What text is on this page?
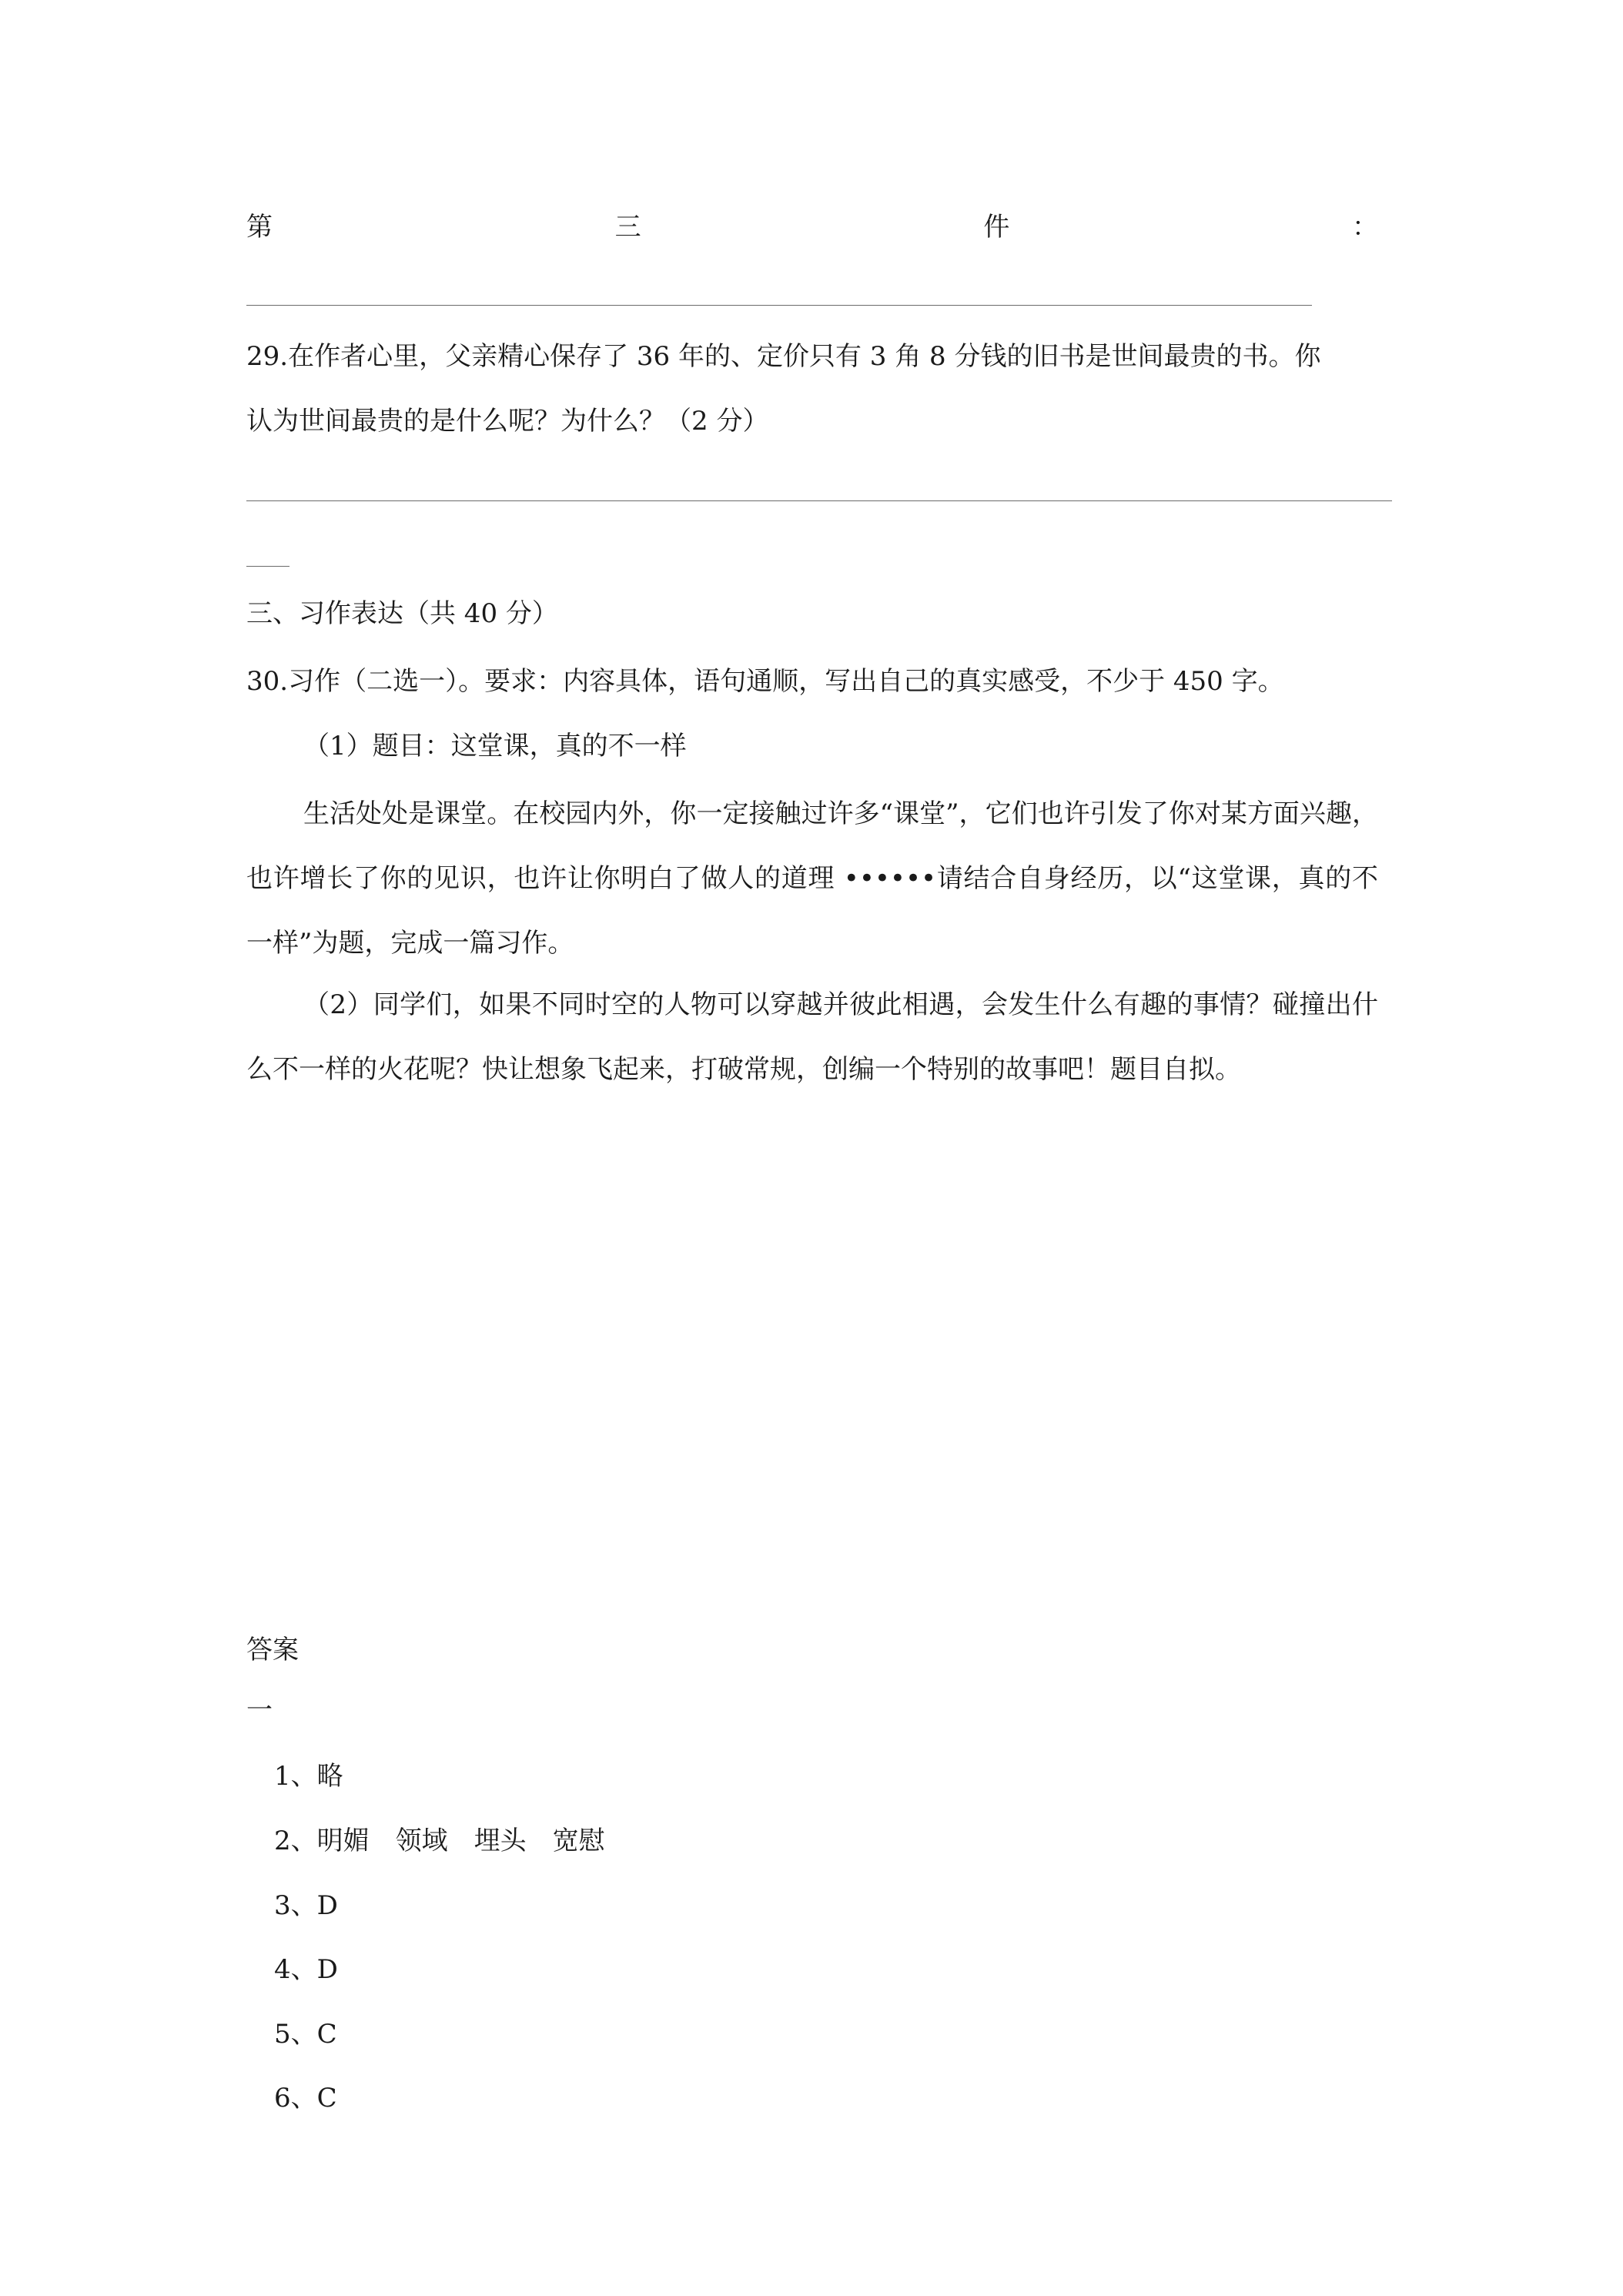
第	三	件	：
29.在作者心里，父亲精心保存了 36 年的、定价只有 3 角 8 分钱的旧书是世间最贵的书。你
认为世间最贵的是什么呢？为什么？（2 分）
三、习作表达（共 40 分）
30.习作（二选一）。要求：内容具体，语句通顺，写出自己的真实感受，不少于 450 字。
（1）题目：这堂课，真的不一样
生活处处是课堂。在校园内外，你一定接触过许多“课堂”，它们也许引发了你对某方面兴趣，也许增长了你的见识，也许让你明白了做人的道理 ••••••请结合自身经历，以“这堂课，真的不一样”为题，完成一篇习作。
（2）同学们，如果不同时空的人物可以穿越并彼此相遇，会发生什么有趣的事情？碰撞出什么不一样的火花呢？快让想象飞起来，打破常规，创编一个特别的故事吧！题目自拟。
答案
一
1、略
2、明媚　领域　埋头　宽慰
3、D
4、D
5、C
6、C
